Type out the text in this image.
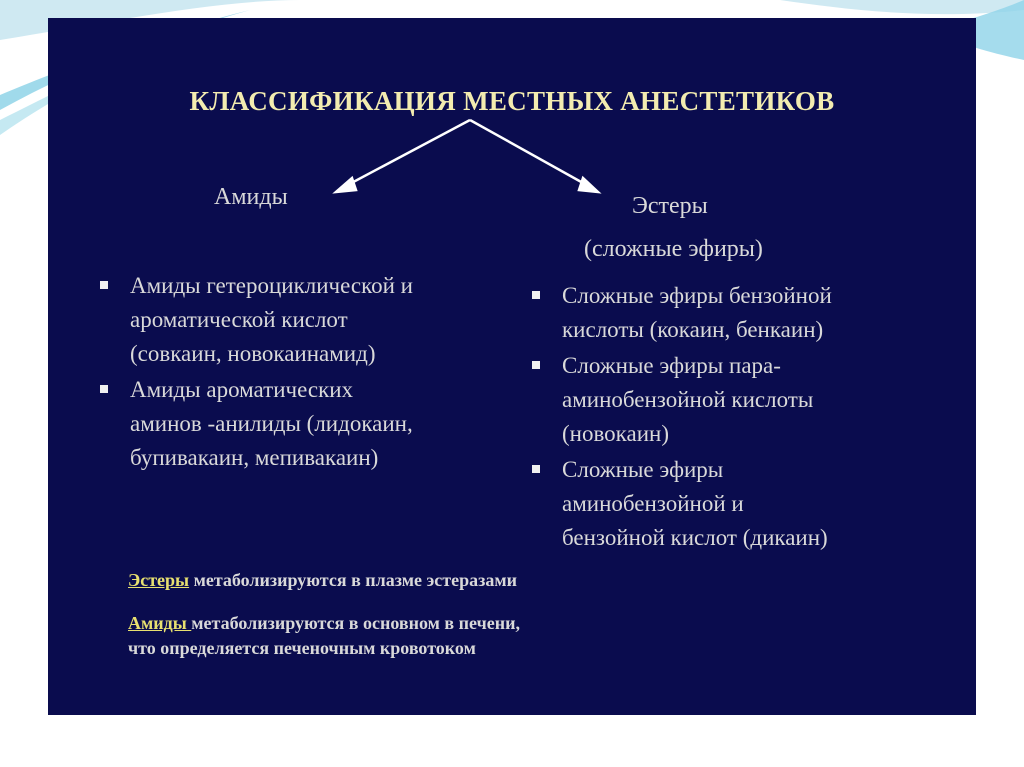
КЛАССИФИКАЦИЯ МЕСТНЫХ АНЕСТЕТИКОВ
Амиды	Эстеры
(сложные эфиры)
Амиды гетероциклической и
ароматической кислот
(совкаин, новокаинамид)
Амиды ароматических
аминов -анилиды (лидокаин,
бупивакаин, мепивакаин)
Сложные эфиры бензойной
кислоты (кокаин, бенкаин)
Сложные эфиры пара-
аминобензойной кислоты
(новокаин)
Сложные эфиры
аминобензойной и
бензойной кислот (дикаин)
Эстеры метаболизируются в плазме эстеразами
Амиды метаболизируются в основном в печени,
что определяется печеночным кровотоком
